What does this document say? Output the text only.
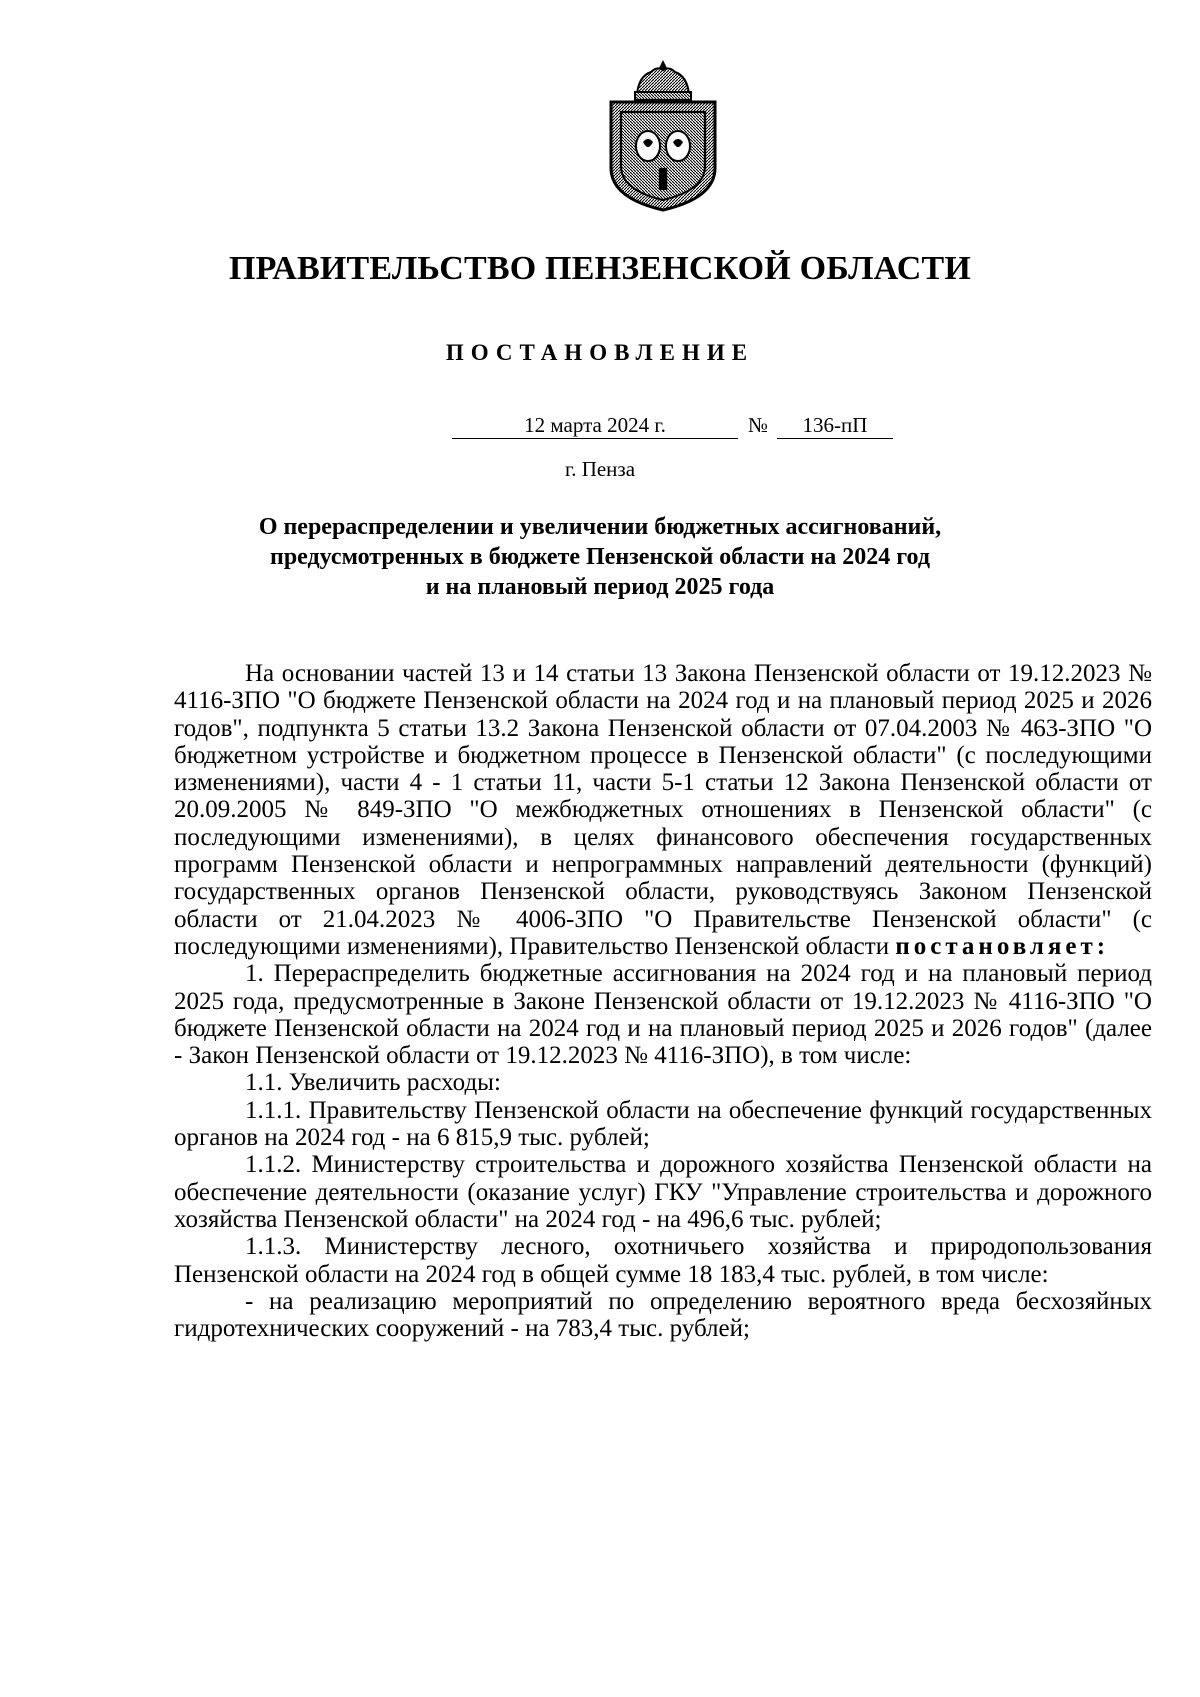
ПРАВИТЕЛЬСТВО ПЕНЗЕНСКОЙ ОБЛАСТИ
ПОСТАНОВЛЕНИЕ
12 марта 2024 г.	№	136-пП
г. Пенза
О перераспределении и увеличении бюджетных ассигнований,
предусмотренных в бюджете Пензенской области на 2024 год
и на плановый период 2025 года

На основании частей 13 и 14 статьи 13 Закона Пензенской области от 19.12.2023 № 4116-ЗПО "О бюджете Пензенской области на 2024 год и на плановый период 2025 и 2026 годов", подпункта 5 статьи 13.2 Закона Пензенской области от 07.04.2003 № 463-ЗПО "О бюджетном устройстве и бюджетном процессе в Пензенской области" (с последующими изменениями), части 4 - 1 статьи 11, части 5-1 статьи 12 Закона Пензенской области от 20.09.2005 № 849-ЗПО "О межбюджетных отношениях в Пензенской области" (с последующими изменениями), в целях финансового обеспечения государственных программ Пензенской области и непрограммных направлений деятельности (функций) государственных органов Пензенской области, руководствуясь Законом Пензенской области от 21.04.2023 № 4006-ЗПО "О Правительстве Пензенской области" (с последующими изменениями), Правительство Пензенской области постановляет:

1. Перераспределить бюджетные ассигнования на 2024 год и на плановый период 2025 года, предусмотренные в Законе Пензенской области от 19.12.2023 № 4116-ЗПО "О бюджете Пензенской области на 2024 год и на плановый период 2025 и 2026 годов" (далее - Закон Пензенской области от 19.12.2023 № 4116-ЗПО), в том числе:

1.1. Увеличить расходы:

1.1.1. Правительству Пензенской области на обеспечение функций государственных органов на 2024 год - на 6 815,9 тыс. рублей;

1.1.2. Министерству строительства и дорожного хозяйства Пензенской области на обеспечение деятельности (оказание услуг) ГКУ "Управление строительства и дорожного хозяйства Пензенской области" на 2024 год - на 496,6 тыс. рублей;

1.1.3. Министерству лесного, охотничьего хозяйства и природопользования Пензенской области на 2024 год в общей сумме 18 183,4 тыс. рублей, в том числе:

- на реализацию мероприятий по определению вероятного вреда бесхозяйных гидротехнических сооружений - на 783,4 тыс. рублей;
